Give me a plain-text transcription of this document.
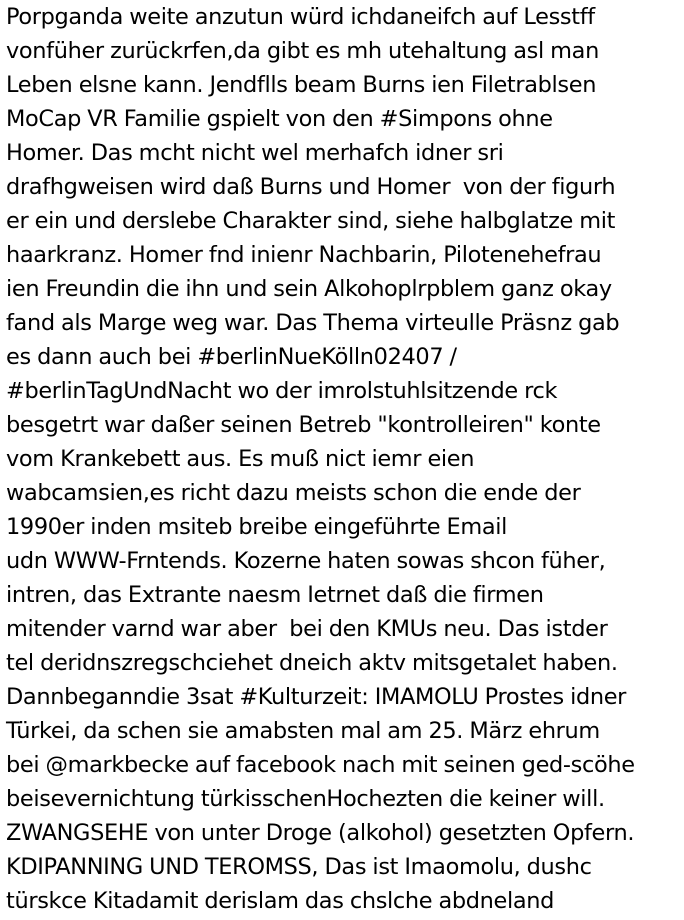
Porpganda weite anzutun würd ichdaneifch auf Lesstff vonfüher zurückrfen,da gibt es mh utehaltung asl man Leben elsne kann. Jendflls beam Burns ien Filetrablsen MoCap VR Familie gspielt von den #Simpons ohne Homer. Das mcht nicht wel merhafch idner sri drafhgweisen wird daß Burns und Homer  von der figurh er ein und derslebe Charakter sind, siehe halbglatze mit haarkranz. Homer fnd inienr Nachbarin, Pilotenehefrau ien Freundin die ihn und sein Alkohoplrpblem ganz okay fand als Marge weg war. Das Thema virteulle Präsnz gab es dann auch bei #berlinNueKölln02407 / #berlinTagUndNacht wo der imrolstuhlsitzende rck besgetrt war daßer seinen Betreb "kontrolleiren" konte vom Krankebett aus. Es muß nict iemr eien wabcamsien,es richt dazu meists schon die ende der 1990er inden msiteb breibe eingeführte Email udn WWW-Frntends. Kozerne haten sowas shcon füher, intren, das Extrante naesm Ietrnet daß die firmen mitender varnd war aber  bei den KMUs neu. Das istder tel deridnszregschciehet dneich aktv mitsgetalet haben. Dannbeganndie 3sat #Kulturzeit: IMAMOLU Prostes idner Türkei, da schen sie amabsten mal am 25. März ehrum bei @markbecke auf facebook nach mit seinen ged-scöhe beisevernichtung türkisschenHochezten die keiner will. ZWANGSEHE von unter Droge (alkohol) gesetzten Opfern. KDIPANNING UND TEROMSS, Das ist Imaomolu, dushc türskce Kitadamit derislam das chslche abdneland
